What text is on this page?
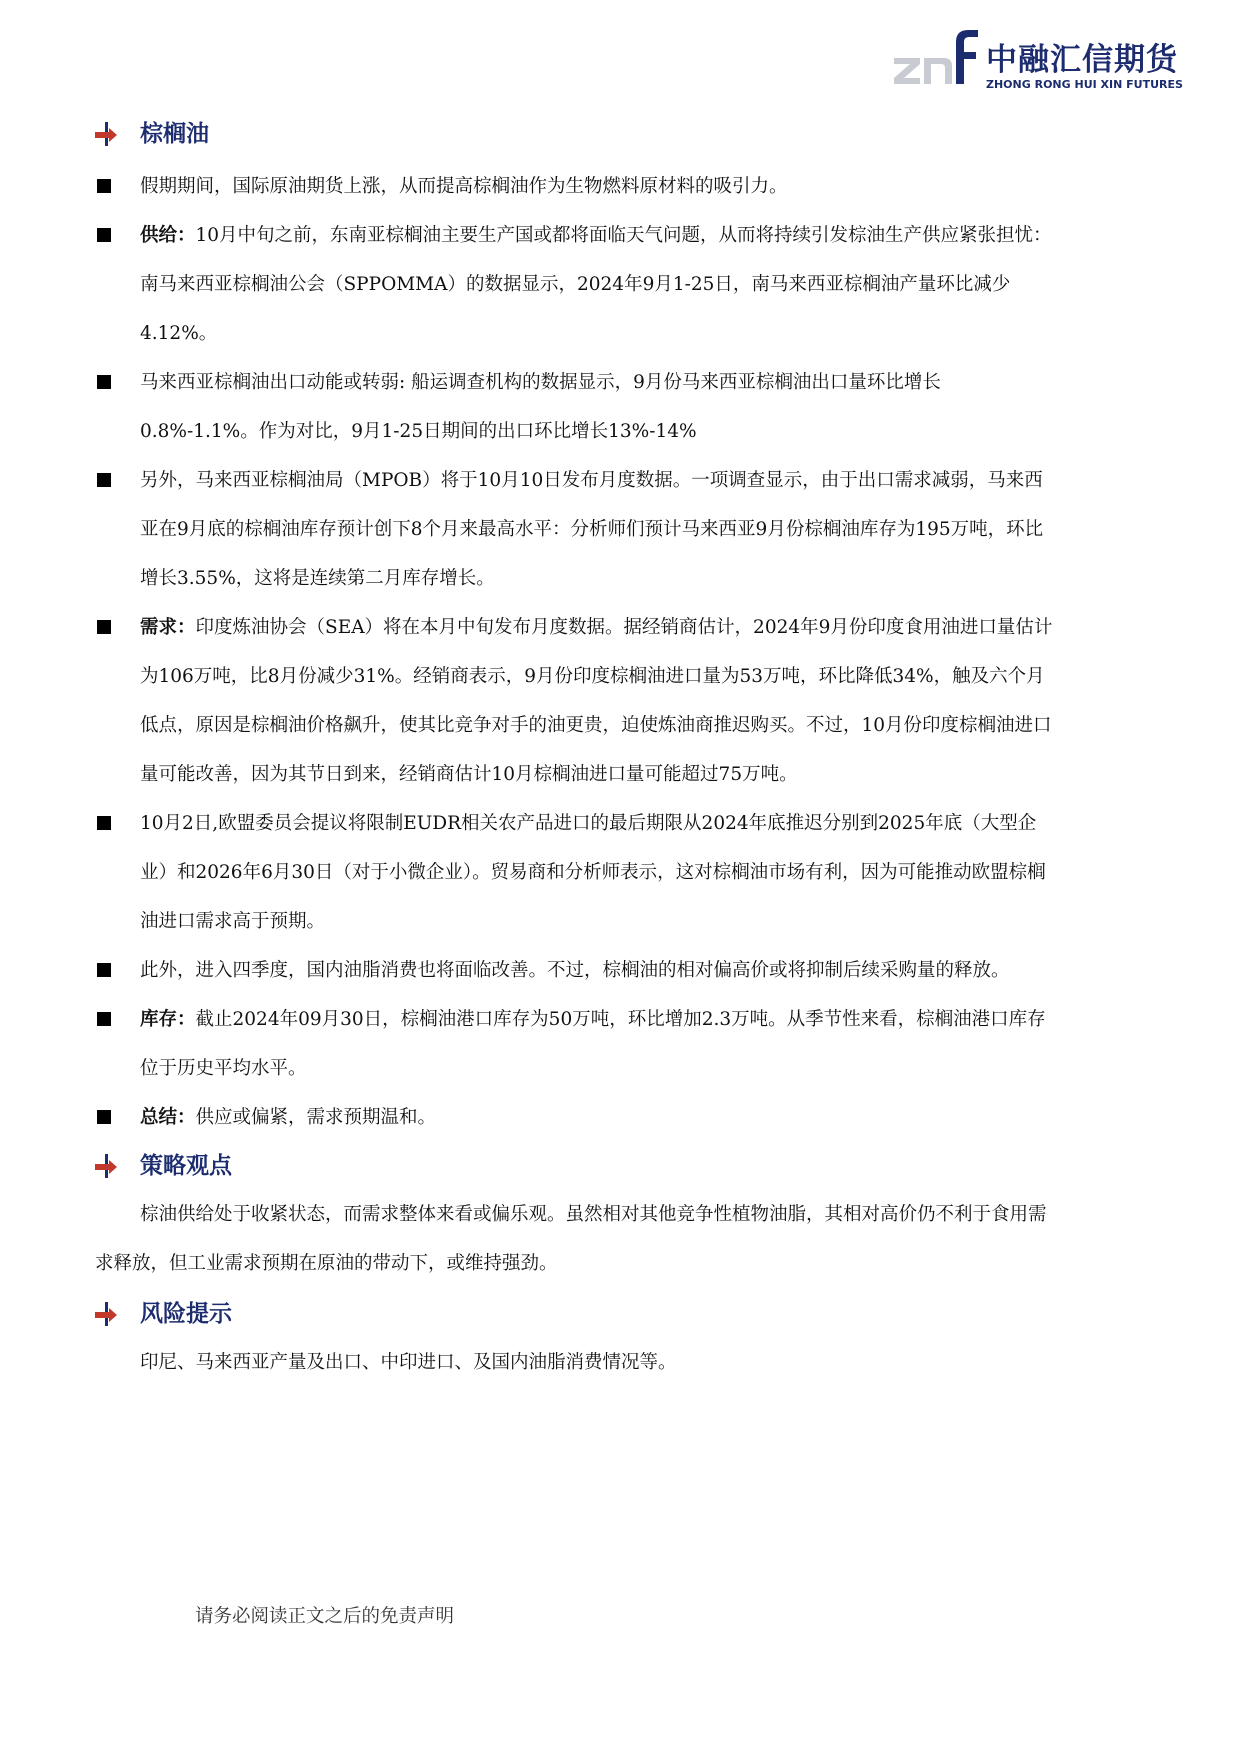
中融汇信期货
ZHONG RONG HUI XIN FUTURES
棕榈油
假期期间，国际原油期货上涨，从而提高棕榈油作为生物燃料原材料的吸引力。
供给：10月中旬之前，东南亚棕榈油主要生产国或都将面临天气问题，从而将持续引发棕油生产供应紧张担忧：南马来西亚棕榈油公会（SPPOMMA）的数据显示，2024年9月1-25日，南马来西亚棕榈油产量环比减少4.12%。
马来西亚棕榈油出口动能或转弱: 船运调查机构的数据显示，9月份马来西亚棕榈油出口量环比增长0.8%-1.1%。作为对比，9月1-25日期间的出口环比增长13%-14%
另外，马来西亚棕榈油局（MPOB）将于10月10日发布月度数据。一项调查显示，由于出口需求减弱，马来西亚在9月底的棕榈油库存预计创下8个月来最高水平：分析师们预计马来西亚9月份棕榈油库存为195万吨，环比增长3.55%，这将是连续第二月库存增长。
需求：印度炼油协会（SEA）将在本月中旬发布月度数据。据经销商估计，2024年9月份印度食用油进口量估计为106万吨，比8月份减少31%。经销商表示，9月份印度棕榈油进口量为53万吨，环比降低34%，触及六个月低点，原因是棕榈油价格飙升，使其比竞争对手的油更贵，迫使炼油商推迟购买。不过，10月份印度棕榈油进口量可能改善，因为其节日到来，经销商估计10月棕榈油进口量可能超过75万吨。
10月2日,欧盟委员会提议将限制EUDR相关农产品进口的最后期限从2024年底推迟分别到2025年底（大型企业）和2026年6月30日（对于小微企业）。贸易商和分析师表示，这对棕榈油市场有利，因为可能推动欧盟棕榈油进口需求高于预期。
此外，进入四季度，国内油脂消费也将面临改善。不过，棕榈油的相对偏高价或将抑制后续采购量的释放。
库存：截止2024年09月30日，棕榈油港口库存为50万吨，环比增加2.3万吨。从季节性来看，棕榈油港口库存位于历史平均水平。
总结：供应或偏紧，需求预期温和。
策略观点
棕油供给处于收紧状态，而需求整体来看或偏乐观。虽然相对其他竞争性植物油脂，其相对高价仍不利于食用需求释放，但工业需求预期在原油的带动下，或维持强劲。
风险提示
印尼、马来西亚产量及出口、中印进口、及国内油脂消费情况等。
请务必阅读正文之后的免责声明
